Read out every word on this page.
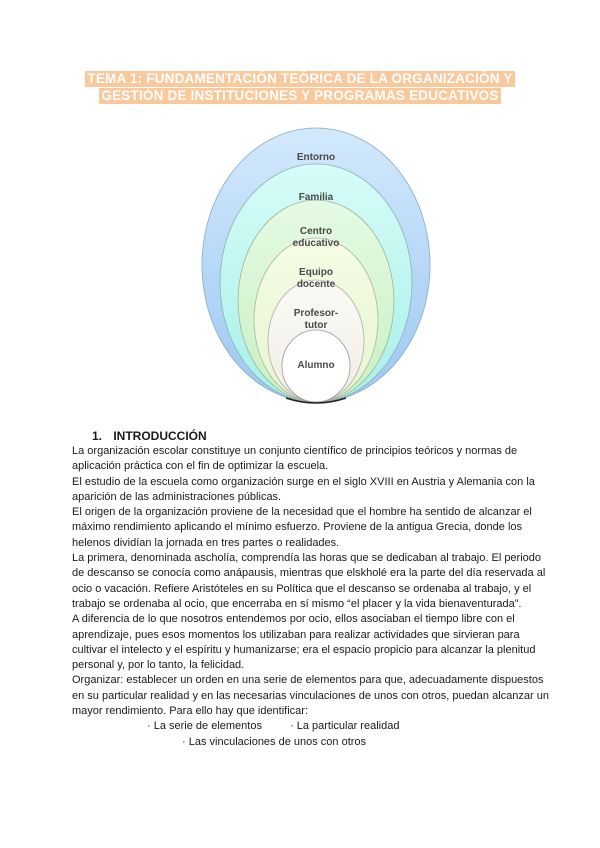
TEMA 1: FUNDAMENTACIÓN TEÓRICA DE LA ORGANIZACIÓN Y
GESTIÓN DE INSTITUCIONES Y PROGRAMAS EDUCATIVOS
Entorno
Familia
Centro
educativo
Equipo
docente
Profesor-
tutor
Alumno
1. INTRODUCCIÓN

La organización escolar constituye un conjunto científico de principios teóricos y normas de aplicación práctica con el fin de optimizar la escuela.

El estudio de la escuela como organización surge en el siglo XVIII en Austria y Alemania con la aparición de las administraciones públicas.

El origen de la organización proviene de la necesidad que el hombre ha sentido de alcanzar el máximo rendimiento aplicando el mínimo esfuerzo. Proviene de la antigua Grecia, donde los helenos dividían la jornada en tres partes o realidades.

La primera, denominada ascholía, comprendía las horas que se dedicaban al trabajo. El periodo de descanso se conocía como anápausis, mientras que elskholé era la parte del día reservada al ocio o vacación. Refiere Aristóteles en su Política que el descanso se ordenaba al trabajo, y el trabajo se ordenaba al ocio, que encerraba en sí mismo “el placer y la vida bienaventurada”.

A diferencia de lo que nosotros entendemos por ocio, ellos asociaban el tiempo libre con el aprendizaje, pues esos momentos los utilizaban para realizar actividades que sirvieran para cultivar el intelecto y el espíritu y humanizarse; era el espacio propicio para alcanzar la plenitud personal y, por lo tanto, la felicidad.

Organizar: establecer un orden en una serie de elementos para que, adecuadamente dispuestos en su particular realidad y en las necesarias vinculaciones de unos con otros, puedan alcanzar un mayor rendimiento. Para ello hay que identificar:

· La serie de elementos	· La particular realidad
· Las vinculaciones de unos con otros
